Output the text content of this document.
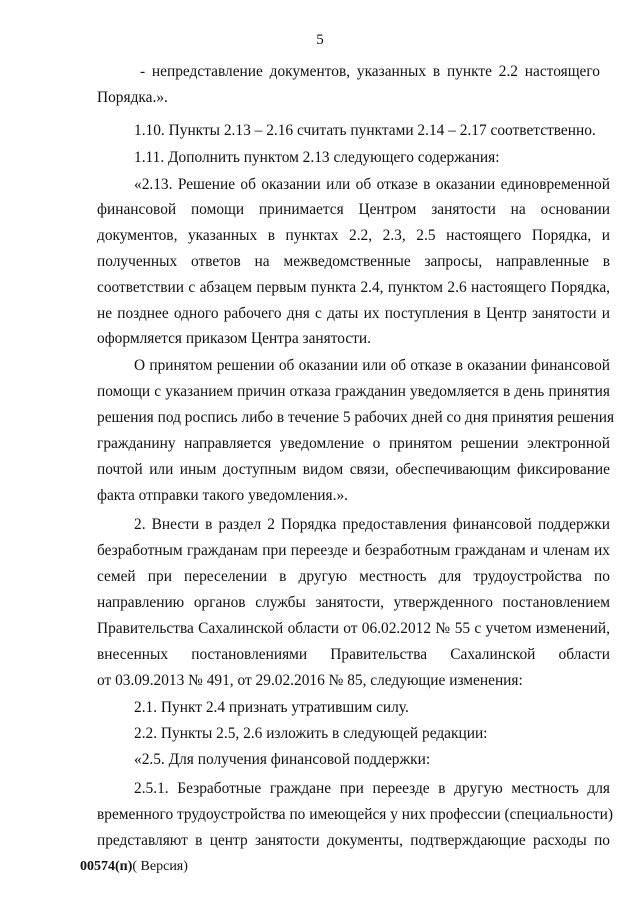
5
- непредставление документов, указанных в пункте 2.2 настоящего
Порядка.».
1.10. Пункты 2.13 – 2.16 считать пунктами 2.14 – 2.17 соответственно.
1.11. Дополнить пунктом 2.13 следующего содержания:
«2.13. Решение об оказании или об отказе в оказании единовременной
финансовой помощи принимается Центром занятости на основании
документов, указанных в пунктах 2.2, 2.3, 2.5 настоящего Порядка, и
полученных ответов на межведомственные запросы, направленные в
соответствии с абзацем первым пункта 2.4, пунктом 2.6 настоящего Порядка,
не позднее одного рабочего дня с даты их поступления в Центр занятости и
оформляется приказом Центра занятости.
О принятом решении об оказании или об отказе в оказании финансовой
помощи с указанием причин отказа гражданин уведомляется в день принятия
решения под роспись либо в течение 5 рабочих дней со дня принятия решения
гражданину направляется уведомление о принятом решении электронной
почтой или иным доступным видом связи, обеспечивающим фиксирование
факта отправки такого уведомления.».
2. Внести в раздел 2 Порядка предоставления финансовой поддержки
безработным гражданам при переезде и безработным гражданам и членам их
семей при переселении в другую местность для трудоустройства по
направлению органов службы занятости, утвержденного постановлением
Правительства Сахалинской области от 06.02.2012 № 55 с учетом изменений,
внесенных постановлениями Правительства Сахалинской области
от 03.09.2013 № 491, от 29.02.2016 № 85, следующие изменения:
2.1. Пункт 2.4 признать утратившим силу.
2.2. Пункты 2.5, 2.6 изложить в следующей редакции:
«2.5. Для получения финансовой поддержки:
2.5.1. Безработные граждане при переезде в другую местность для
временного трудоустройства по имеющейся у них профессии (специальности)
представляют в центр занятости документы, подтверждающие расходы по
00574(п)( Версия)
